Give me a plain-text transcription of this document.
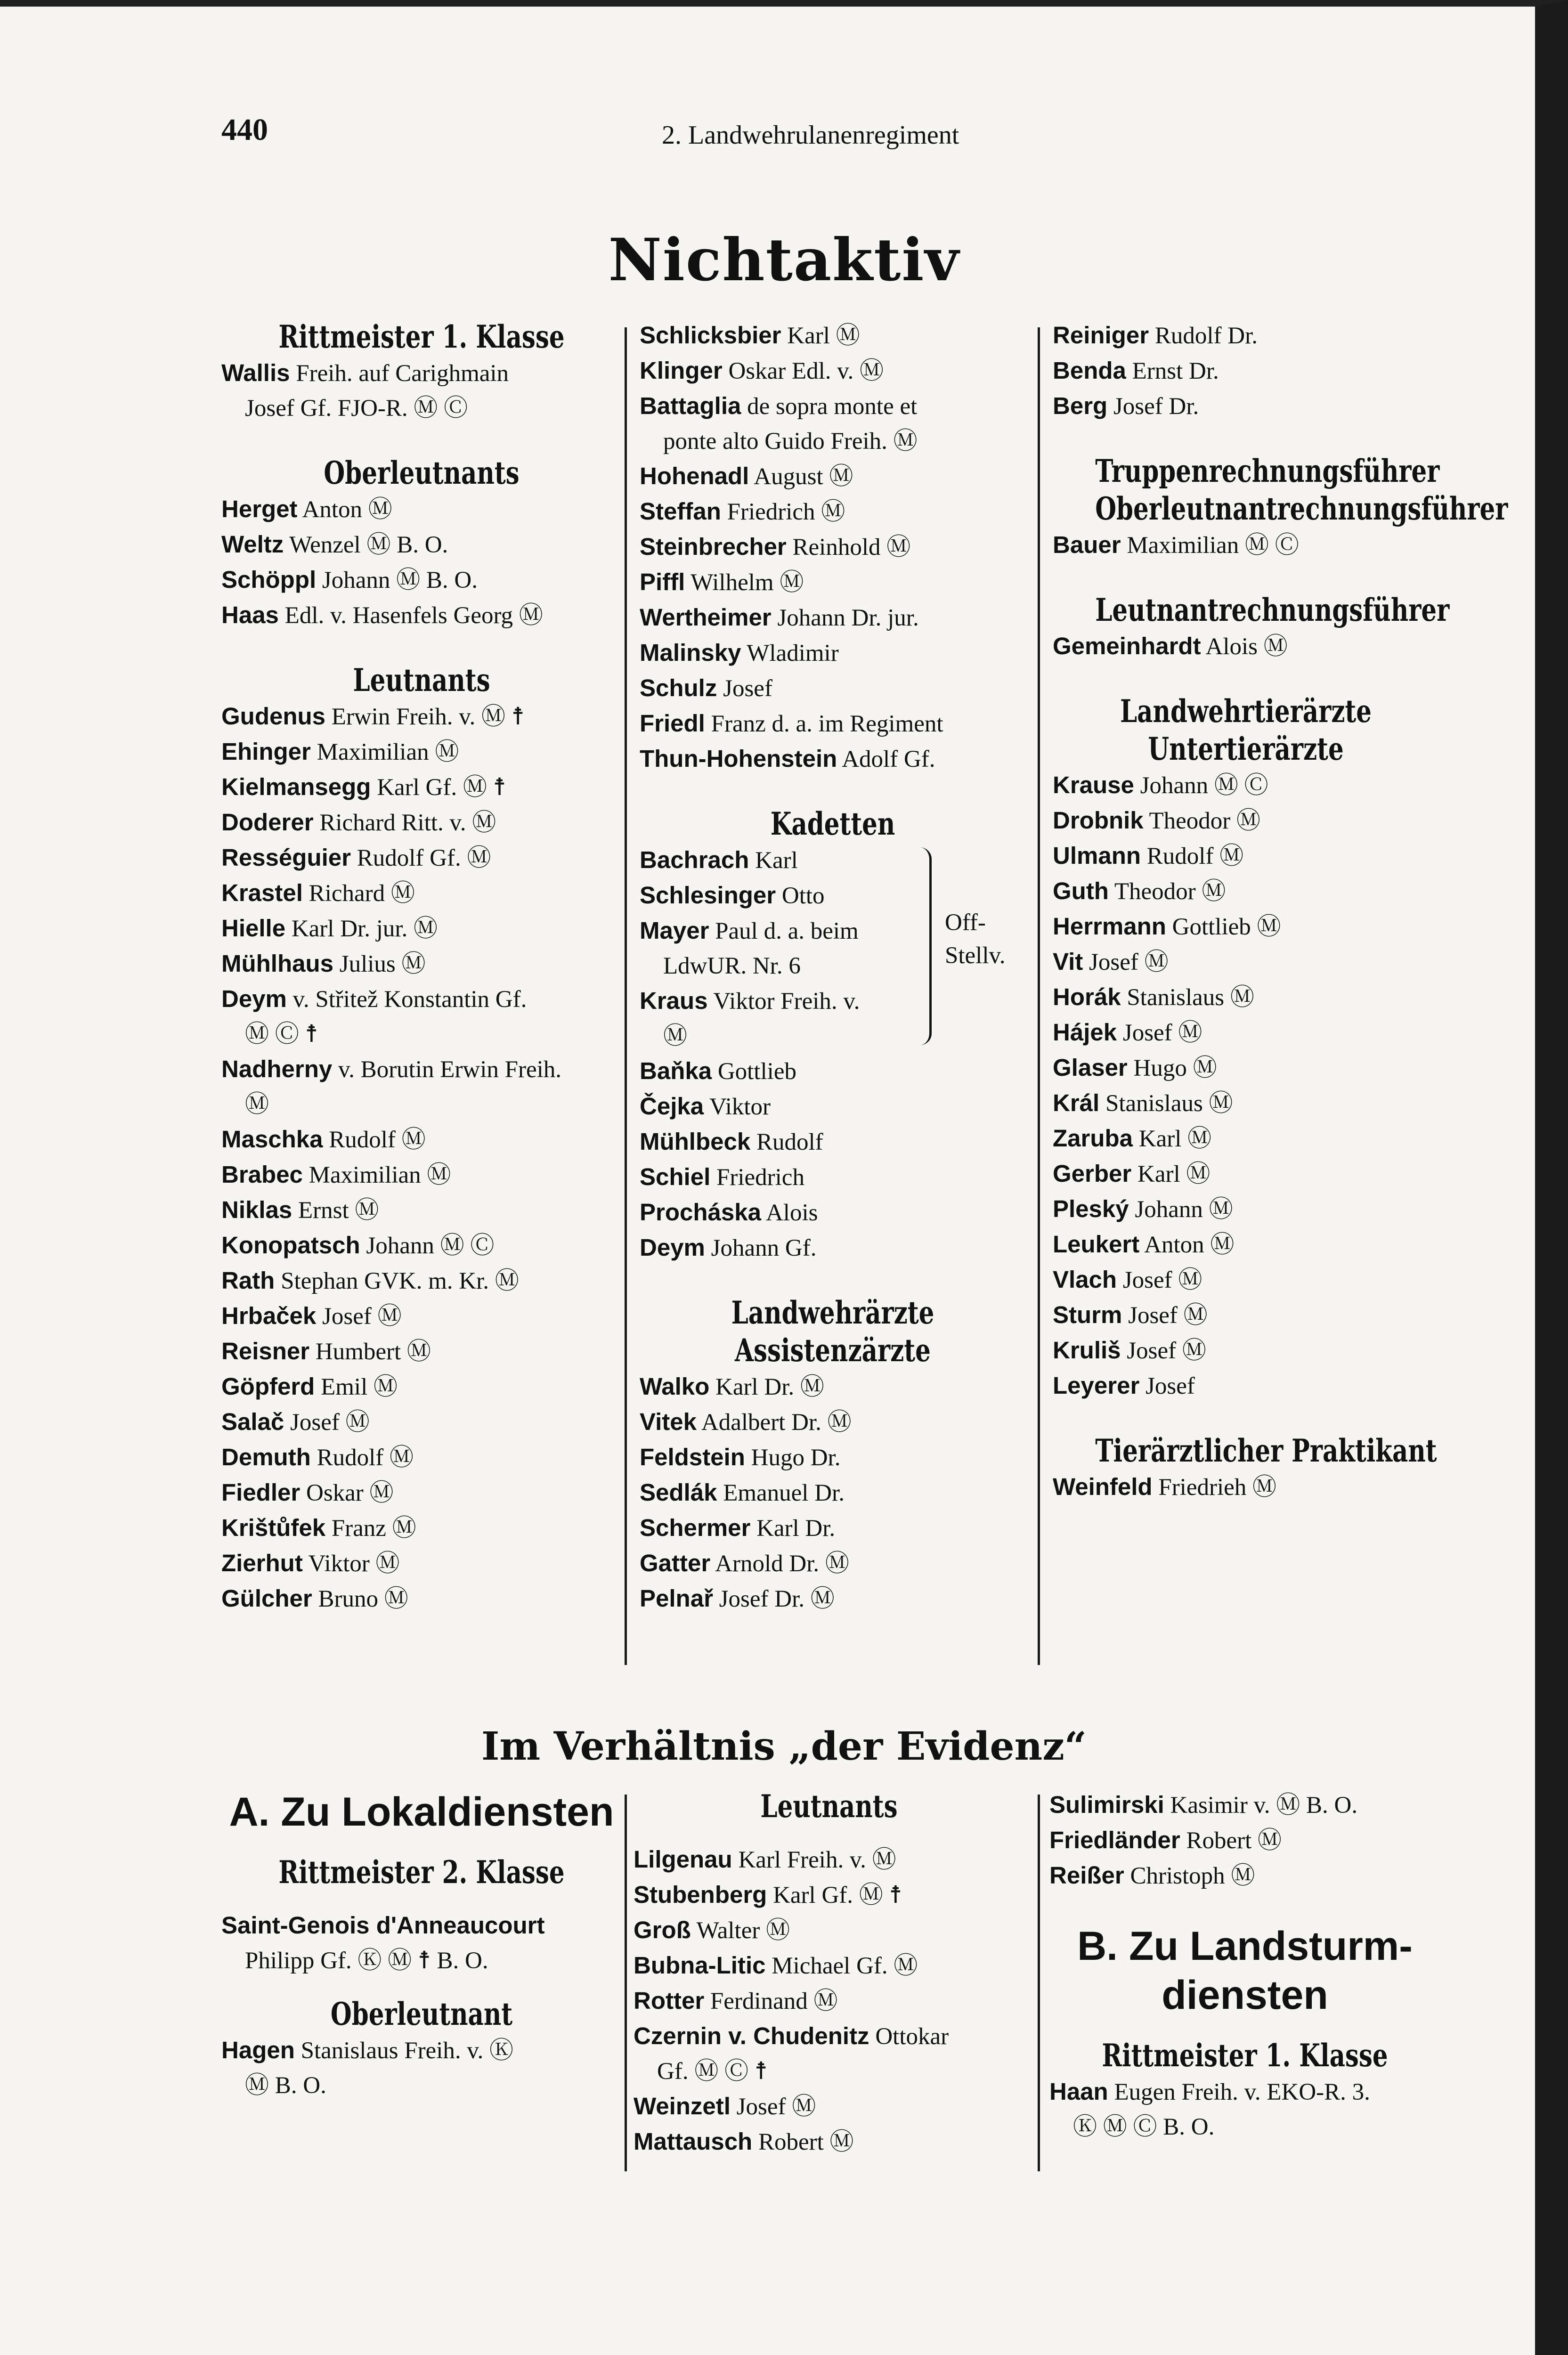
440	2. Landwehrulanenregiment
Nichtaktiv
Rittmeister 1. Klasse
Wallis Freih. auf Carighmain
Josef Gf. FJO-R. Ⓜ Ⓒ
Oberleutnants
Herget Anton Ⓜ
Weltz Wenzel Ⓜ B. O.
Schöppl Johann Ⓜ B. O.
Haas Edl. v. Hasenfels Georg Ⓜ
Leutnants
Gudenus Erwin Freih. v. Ⓜ ☨
Ehinger Maximilian Ⓜ
Kielmansegg Karl Gf. Ⓜ ☨
Doderer Richard Ritt. v. Ⓜ
Rességuier Rudolf Gf. Ⓜ
Krastel Richard Ⓜ
Hielle Karl Dr. jur. Ⓜ
Mühlhaus Julius Ⓜ
Deym v. Střitež Konstantin Gf.
Ⓜ Ⓒ ☨
Nadherny v. Borutin Erwin Freih.
Ⓜ
Maschka Rudolf Ⓜ
Brabec Maximilian Ⓜ
Niklas Ernst Ⓜ
Konopatsch Johann Ⓜ Ⓒ
Rath Stephan GVK. m. Kr. Ⓜ
Hrbaček Josef Ⓜ
Reisner Humbert Ⓜ
Göpferd Emil Ⓜ
Salač Josef Ⓜ
Demuth Rudolf Ⓜ
Fiedler Oskar Ⓜ
Krištůfek Franz Ⓜ
Zierhut Viktor Ⓜ
Gülcher Bruno Ⓜ
Schlicksbier Karl Ⓜ
Klinger Oskar Edl. v. Ⓜ
Battaglia de sopra monte et
ponte alto Guido Freih. Ⓜ
Hohenadl August Ⓜ
Steffan Friedrich Ⓜ
Steinbrecher Reinhold Ⓜ
Piffl Wilhelm Ⓜ
Wertheimer Johann Dr. jur.
Malinsky Wladimir
Schulz Josef
Friedl Franz d. a. im Regiment
Thun-Hohenstein Adolf Gf.
Kadetten
Bachrach Karl
Schlesinger Otto
Mayer Paul d. a. beim
LdwUR. Nr. 6
Kraus Viktor Freih. v.
Ⓜ
Off-
Stellv.
Baňka Gottlieb
Čejka Viktor
Mühlbeck Rudolf
Schiel Friedrich
Procháska Alois
Deym Johann Gf.
Landwehrärzte
Assistenzärzte
Walko Karl Dr. Ⓜ
Vitek Adalbert Dr. Ⓜ
Feldstein Hugo Dr.
Sedlák Emanuel Dr.
Schermer Karl Dr.
Gatter Arnold Dr. Ⓜ
Pelnař Josef Dr. Ⓜ
Reiniger Rudolf Dr.
Benda Ernst Dr.
Berg Josef Dr.
Truppenrechnungsführer
Oberleutnantrechnungsführer
Bauer Maximilian Ⓜ Ⓒ
Leutnantrechnungsführer
Gemeinhardt Alois Ⓜ
Landwehrtierärzte
Untertierärzte
Krause Johann Ⓜ Ⓒ
Drobnik Theodor Ⓜ
Ulmann Rudolf Ⓜ
Guth Theodor Ⓜ
Herrmann Gottlieb Ⓜ
Vit Josef Ⓜ
Horák Stanislaus Ⓜ
Hájek Josef Ⓜ
Glaser Hugo Ⓜ
Král Stanislaus Ⓜ
Zaruba Karl Ⓜ
Gerber Karl Ⓜ
Pleský Johann Ⓜ
Leukert Anton Ⓜ
Vlach Josef Ⓜ
Sturm Josef Ⓜ
Kruliš Josef Ⓜ
Leyerer Josef
Tierärztlicher Praktikant
Weinfeld Friedrieh Ⓜ
Im Verhältnis „der Evidenz“
A. Zu Lokaldiensten
Rittmeister 2. Klasse
Saint-Genois d'Anneaucourt
Philipp Gf. Ⓚ Ⓜ ☨ B. O.
Oberleutnant
Hagen Stanislaus Freih. v. Ⓚ
Ⓜ B. O.
Leutnants
Lilgenau Karl Freih. v. Ⓜ
Stubenberg Karl Gf. Ⓜ ☨
Groß Walter Ⓜ
Bubna-Litic Michael Gf. Ⓜ
Rotter Ferdinand Ⓜ
Czernin v. Chudenitz Ottokar
Gf. Ⓜ Ⓒ ☨
Weinzetl Josef Ⓜ
Mattausch Robert Ⓜ
Sulimirski Kasimir v. Ⓜ B. O.
Friedländer Robert Ⓜ
Reißer Christoph Ⓜ
B. Zu Landsturm-
diensten
Rittmeister 1. Klasse
Haan Eugen Freih. v. EKO-R. 3.
Ⓚ Ⓜ Ⓒ B. O.
